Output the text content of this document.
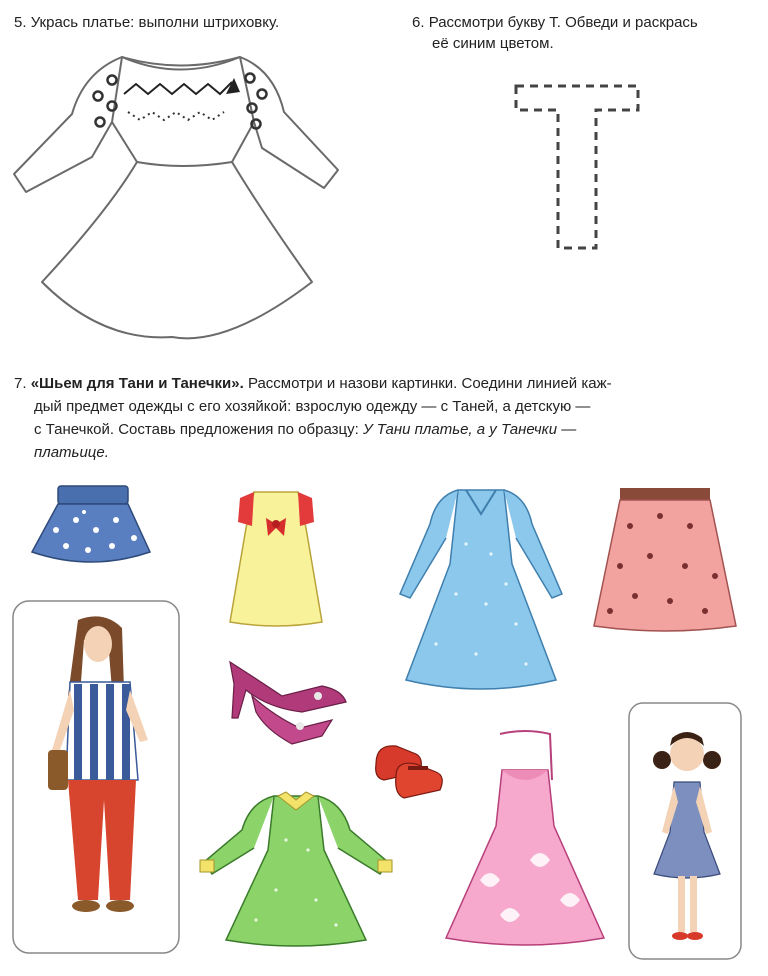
5. Укрась платье: выполни штриховку.	6. Рассмотри букву Т. Обведи и раскрась
её синим цветом.
7. «Шьем для Тани и Танечки». Рассмотри и назови картинки. Соедини линией каж-
дый предмет одежды с его хозяйкой: взрослую одежду — с Таней, а детскую —
с Танечкой. Составь предложения по образцу: У Тани платье, а у Танечки —
платьице.
